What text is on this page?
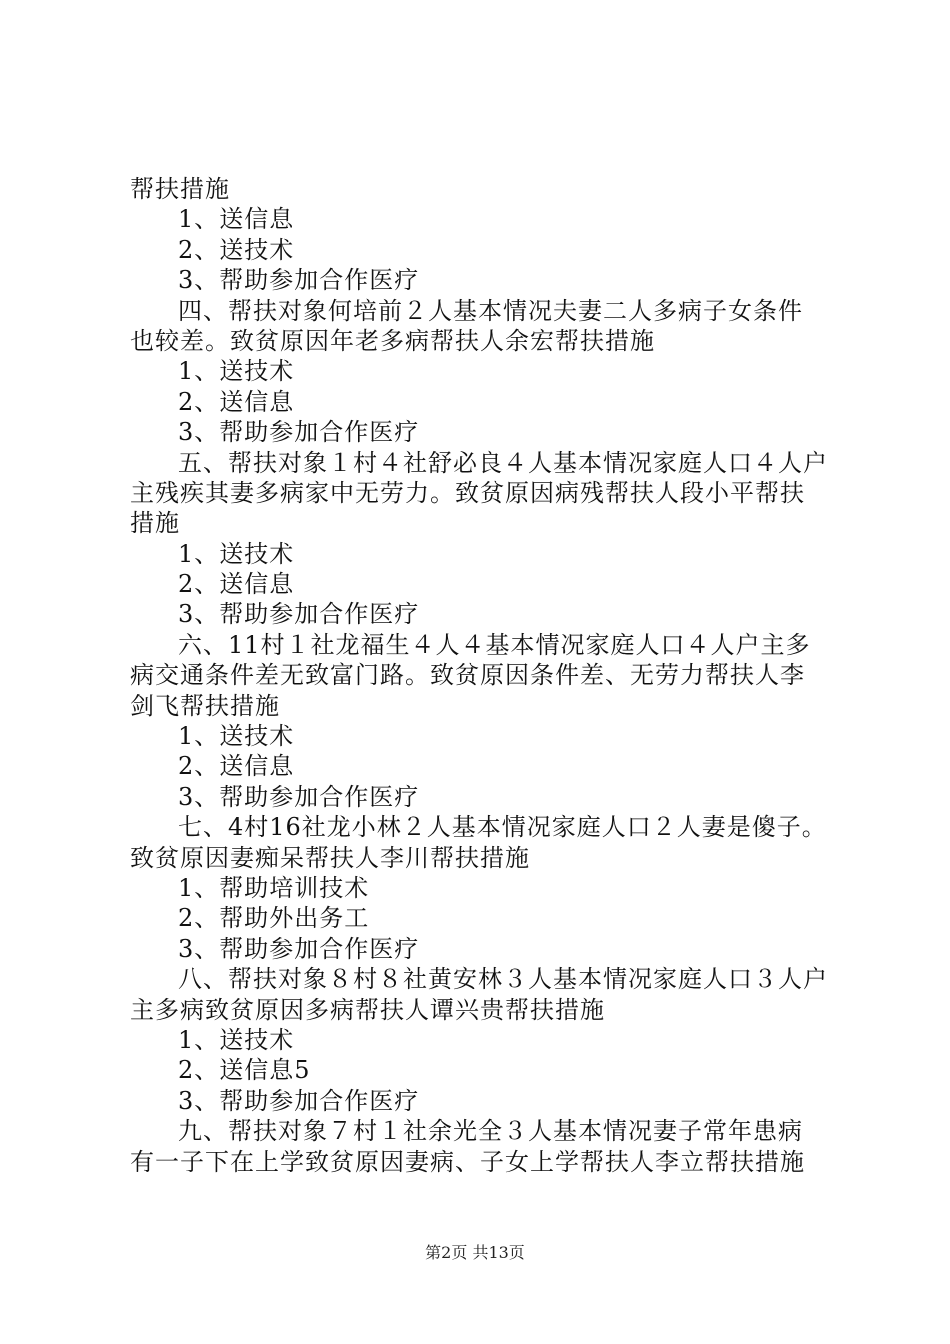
帮扶措施
1、送信息
2、送技术
3、帮助参加合作医疗
四、帮扶对象何培前２人基本情况夫妻二人多病子女条件
也较差。致贫原因年老多病帮扶人余宏帮扶措施
1、送技术
2、送信息
3、帮助参加合作医疗
五、帮扶对象１村４社舒必良４人基本情况家庭人口４人户
主残疾其妻多病家中无劳力。致贫原因病残帮扶人段小平帮扶
措施
1、送技术
2、送信息
3、帮助参加合作医疗
六、11村１社龙福生４人４基本情况家庭人口４人户主多
病交通条件差无致富门路。致贫原因条件差、无劳力帮扶人李
剑飞帮扶措施
1、送技术
2、送信息
3、帮助参加合作医疗
七、4村16社龙小林２人基本情况家庭人口２人妻是傻子。
致贫原因妻痴呆帮扶人李川帮扶措施
1、帮助培训技术
2、帮助外出务工
3、帮助参加合作医疗
八、帮扶对象８村８社黄安林３人基本情况家庭人口３人户
主多病致贫原因多病帮扶人谭兴贵帮扶措施
1、送技术
2、送信息5
3、帮助参加合作医疗
九、帮扶对象７村１社余光全３人基本情况妻子常年患病
有一子下在上学致贫原因妻病、子女上学帮扶人李立帮扶措施
第2页 共13页
